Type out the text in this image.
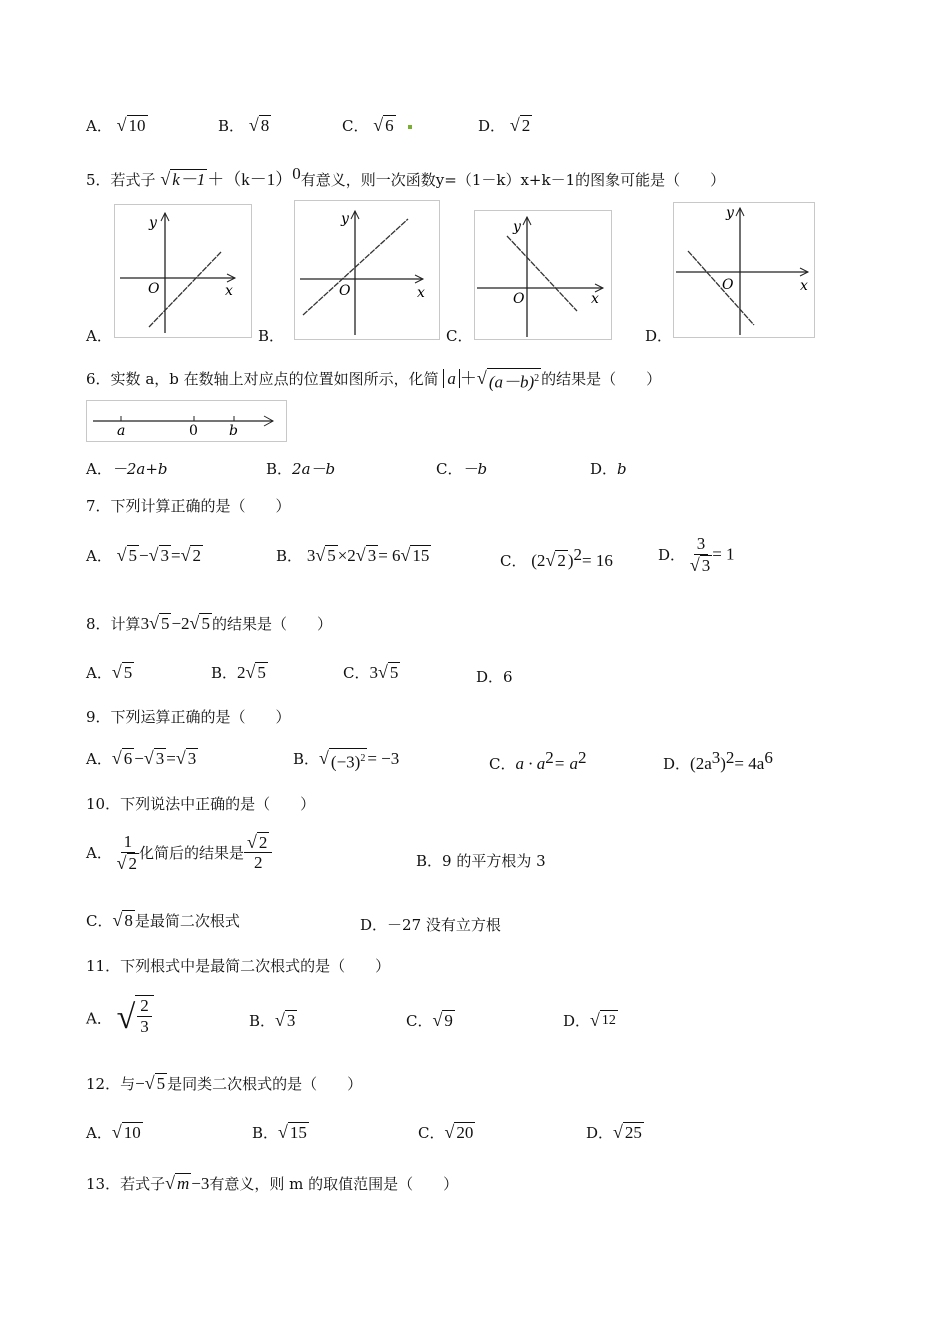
A． √ 10	B． √ 8	C． √ 6
	D． √ 2
5．若式子 √ $k-1 +(k-1)^0$有意义，则一次函数y=（1－k）x+k－1的图象可能是（　　）
A．	B．	C．	D．
y
x
O
y
x
O
y
x
O
y
x
O
6．实数 a，b 在数轴上对应点的位置如图所示，化简 a ＋ √ $(a-b)^2$ 的结果是（　　）
a	0 b
A．－2a+b	B．2a－b	C．－b	D．b
7．下列计算正确的是（　　）
A． √ 5 − √ 3 = √ 2	B． 3 √ 5 ×2 √ 3 = 6 √ 15	C． (2 √ 2 )$^2$= 16	D． $\frac{3}{√ 3} = 1$
8．计算3 √ 5 −2 √ 5 的结果是（　　）
A． √ 5	B．2 √ 5	C．3 √ 5	D．6
9．下列运算正确的是（　　）
A． √ 6 − √ 3 = √ 3	B． √ $(-3)^2 = -3$	C．$a \cdot a^2= a^2$	D．$(2a^3)^2= 4a^6$
10．下列说法中正确的是（　　）
A． $\frac{1}{√ 2}$ 化简后的结果是 $\frac{√ 2}{2}$	B．9 的平方根为 3
C． √ 8 是最简二次根式	D．－27 没有立方根
11．下列根式中是最简二次根式的是（　　）
A． √ $\frac{2}{3}$	B． √ 3	C． √ 9	D． √ 12
12．与− √ 5 是同类二次根式的是（　　）
A． √ 10	B． √ 15	C． √ 20	D． √ 25
13．若式子 √ m −3有意义，则 m 的取值范围是（　　）
